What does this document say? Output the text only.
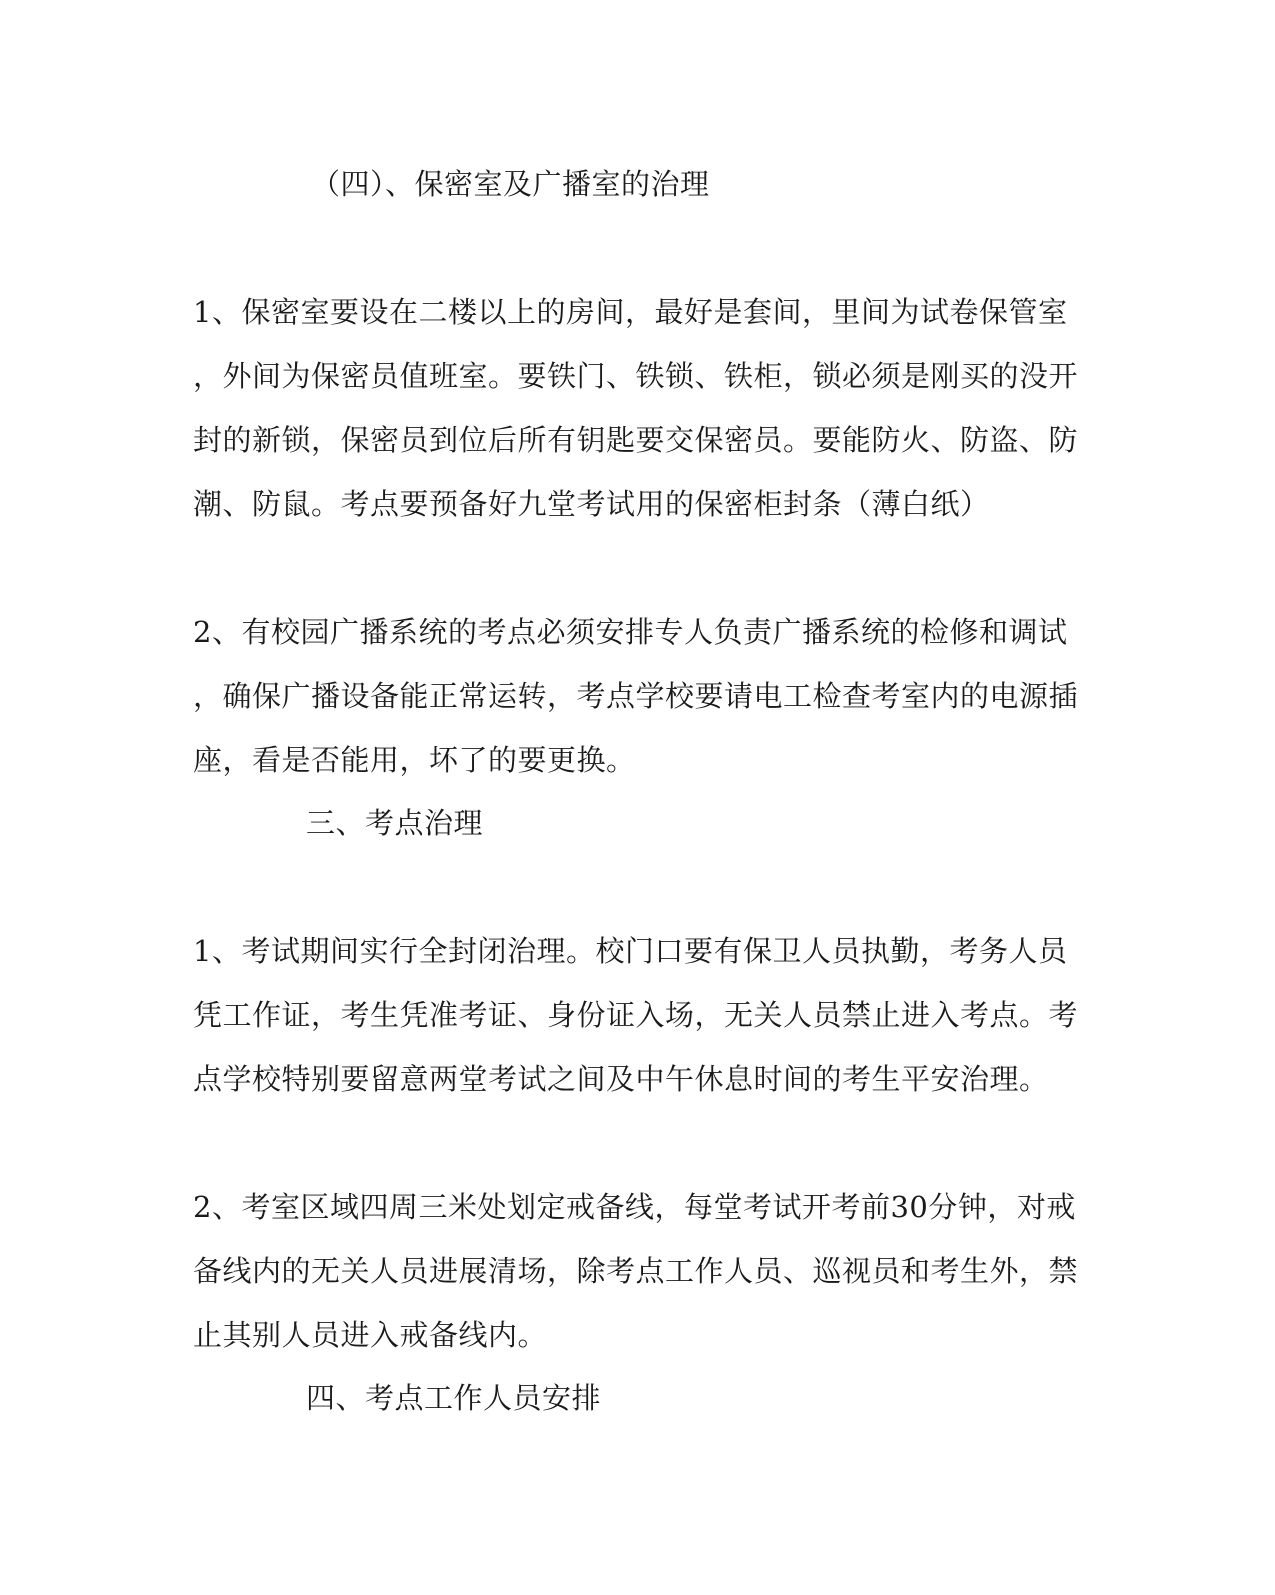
（四）、保密室及广播室的治理
1、保密室要设在二楼以上的房间，最好是套间，里间为试卷保管室
，外间为保密员值班室。要铁门、铁锁、铁柜，锁必须是刚买的没开
封的新锁，保密员到位后所有钥匙要交保密员。要能防火、防盗、防
潮、防鼠。考点要预备好九堂考试用的保密柜封条（薄白纸）
2、有校园广播系统的考点必须安排专人负责广播系统的检修和调试
，确保广播设备能正常运转，考点学校要请电工检查考室内的电源插
座，看是否能用，坏了的要更换。
三、考点治理
1、考试期间实行全封闭治理。校门口要有保卫人员执勤，考务人员
凭工作证，考生凭准考证、身份证入场，无关人员禁止进入考点。考
点学校特别要留意两堂考试之间及中午休息时间的考生平安治理。
2、考室区域四周三米处划定戒备线，每堂考试开考前30分钟，对戒
备线内的无关人员进展清场，除考点工作人员、巡视员和考生外，禁
止其别人员进入戒备线内。
四、考点工作人员安排
